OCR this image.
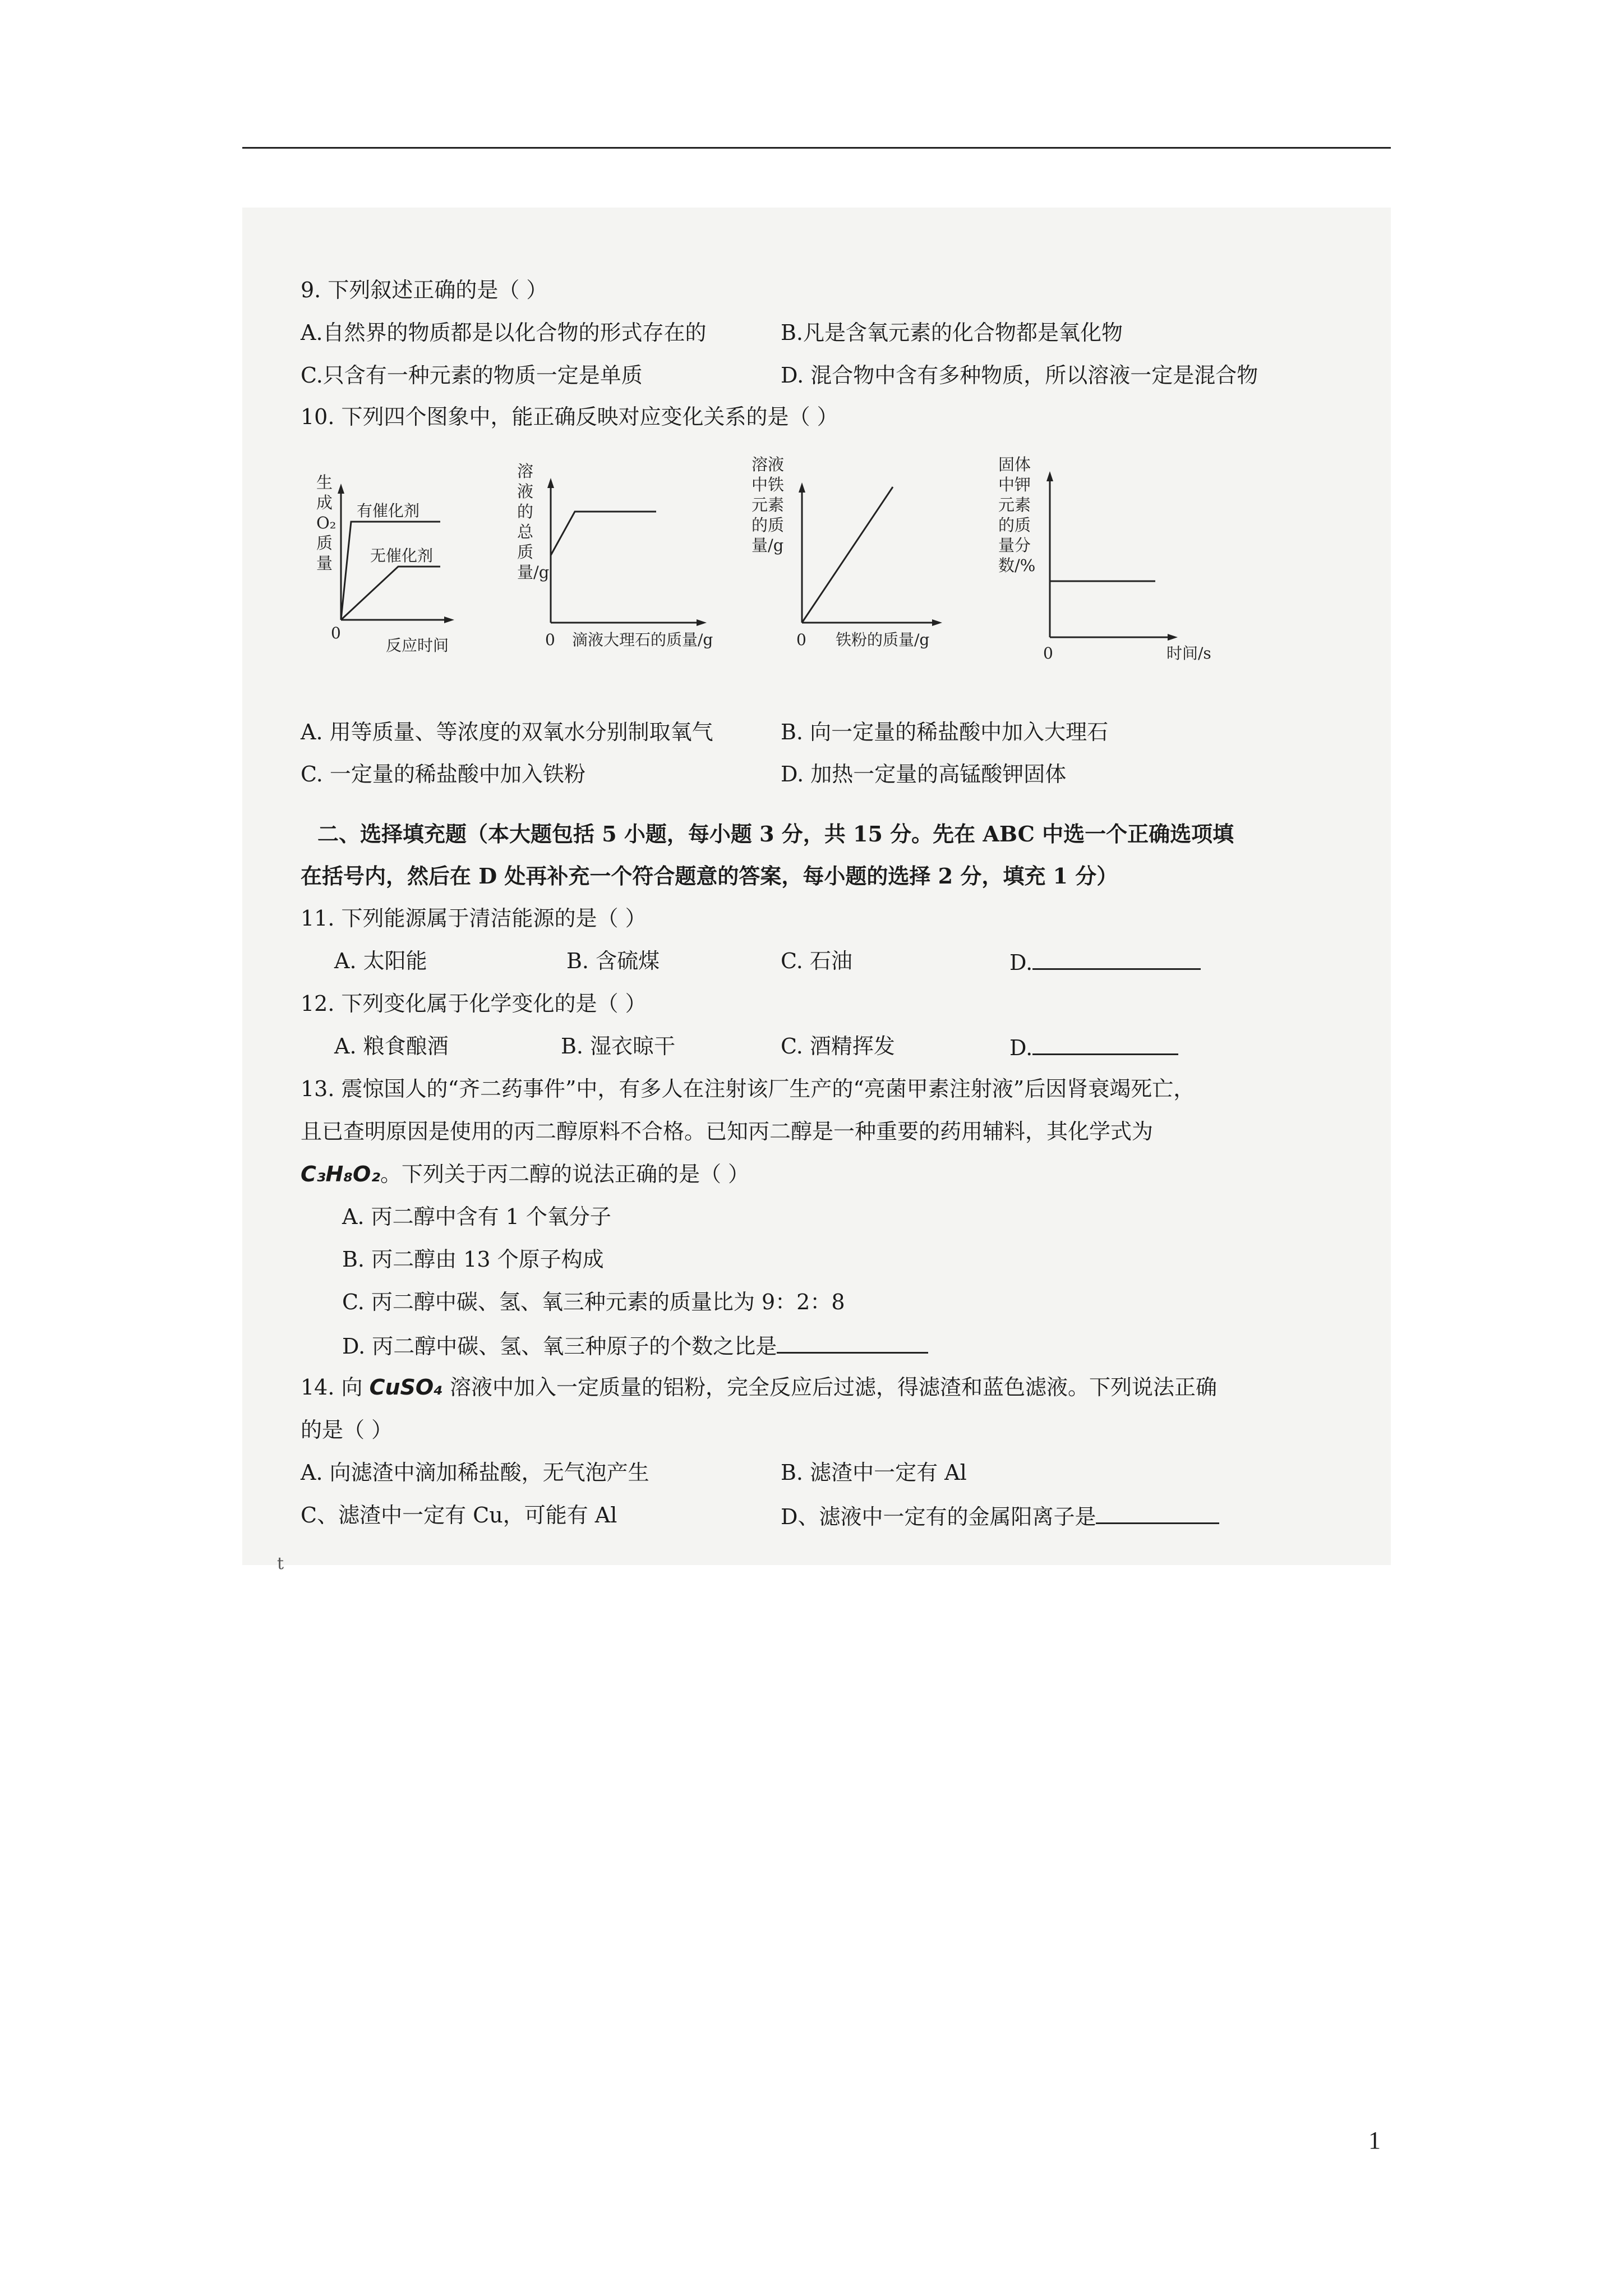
9. 下列叙述正确的是（ ）
A.自然界的物质都是以化合物的形式存在的	B.凡是含氧元素的化合物都是氧化物
C.只含有一种元素的物质一定是单质	D. 混合物中含有多种物质，所以溶液一定是混合物
10. 下列四个图象中，能正确反映对应变化关系的是（ ）
生
成
O₂
质
量
有催化剂
无催化剂
0
反应时间
溶
液
的
总
质
量/g
0 滴液大理石的质量/g
溶液
中铁
元素
的质
量/g
0 铁粉的质量/g
固体
中钾
元素
的质
量分
数/%
0	时间/s
A. 用等质量、等浓度的双氧水分别制取氧气	B. 向一定量的稀盐酸中加入大理石
C. 一定量的稀盐酸中加入铁粉	D. 加热一定量的高锰酸钾固体
二、选择填充题（本大题包括 5 小题，每小题 3 分，共 15 分。先在 ABC 中选一个正确选项填
在括号内，然后在 D 处再补充一个符合题意的答案，每小题的选择 2 分，填充 1 分）
11. 下列能源属于清洁能源的是（ ）
A. 太阳能	B. 含硫煤	C. 石油	D.
12. 下列变化属于化学变化的是（ ）
A. 粮食酿酒	B. 湿衣晾干	C. 酒精挥发	D.
13. 震惊国人的“齐二药事件”中，有多人在注射该厂生产的“亮菌甲素注射液”后因肾衰竭死亡，
且已查明原因是使用的丙二醇原料不合格。已知丙二醇是一种重要的药用辅料，其化学式为
C₃H₈O₂。下列关于丙二醇的说法正确的是（ ）
A. 丙二醇中含有 1 个氧分子
B. 丙二醇由 13 个原子构成
C. 丙二醇中碳、氢、氧三种元素的质量比为 9：2：8
D. 丙二醇中碳、氢、氧三种原子的个数之比是
14. 向 CuSO₄ 溶液中加入一定质量的铝粉，完全反应后过滤，得滤渣和蓝色滤液。下列说法正确
的是（ ）
A. 向滤渣中滴加稀盐酸，无气泡产生	B. 滤渣中一定有 Al
C、滤渣中一定有 Cu，可能有 Al	D、滤液中一定有的金属阳离子是
t
1
